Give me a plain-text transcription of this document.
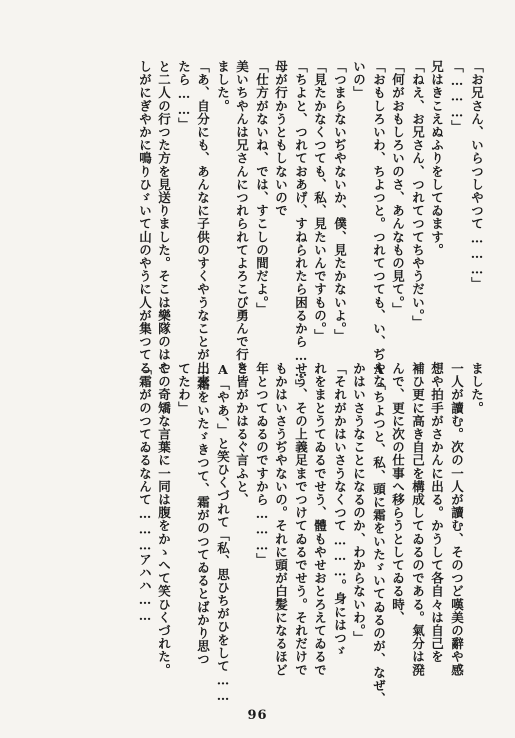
「お兄さん、いらつしやつて………」
「………」
兄はきこえぬふりをしてゐます。
「ねえ、お兄さん、つれてつてちやうだい。」
「何がおもしろいのさ、あんなもの見て。」
「おもしろいわ、ちよつと。つれてつても、い、ぢやな
いの」
「つまらないぢやないか、僕、見たかないよ。」
「見たかなくつても、私、見たいんですもの。」
「ちよと、つれておあげ、すねられたら困るから……」
母が行かうともしないので
「仕方がないね、では、すこしの間だよ。」
美いちやんは兄さんにつれられてよろこび勇んで行き
ました。
「あ、自分にも、あんなに子供のすくやうなことが出來
たら……」
と二人の行つた方を見送りました。そこは樂隊のはや
しがにぎやかに鳴りひゞいて山のやうに人が集つてる
ました。
一人が讀む。次の一人が讀む、そのつど嘆美の辭や感
想や拍手がさかんに出る。かうして各自々は自己を
補ひ更に高き自己を構成してゐるのである。氣分は溌
んで、更に次の仕事へ移らうとしてゐる時、
A「ちよつと、私、頭に霜をいたゞいてゐるのが、なぜ、
かはいさうなことになるのか、わからないわ。」
「それがかはいさうなくつて………。身にはつゞ
れをまとうてゐるでせう、體もやせおとろえてゐるで
せう、その上義足までつけてゐるでせう。それだけで
もかはいさうぢやないの。それに頭が白髪になるほど
年とつてゐるのですから………」
と皆がかはるぐ言ふと、
A「やあ、」と笑ひくづれて「私、思ひちがひをして……
…霜をいたゞきつて、霜がのつてゐるとばかり思つ
てたわ」
この奇矯な言葉に一同は腹をかゝへて笑ひくづれた。
「霜がのつてゐるなんて………アハハ……
96
